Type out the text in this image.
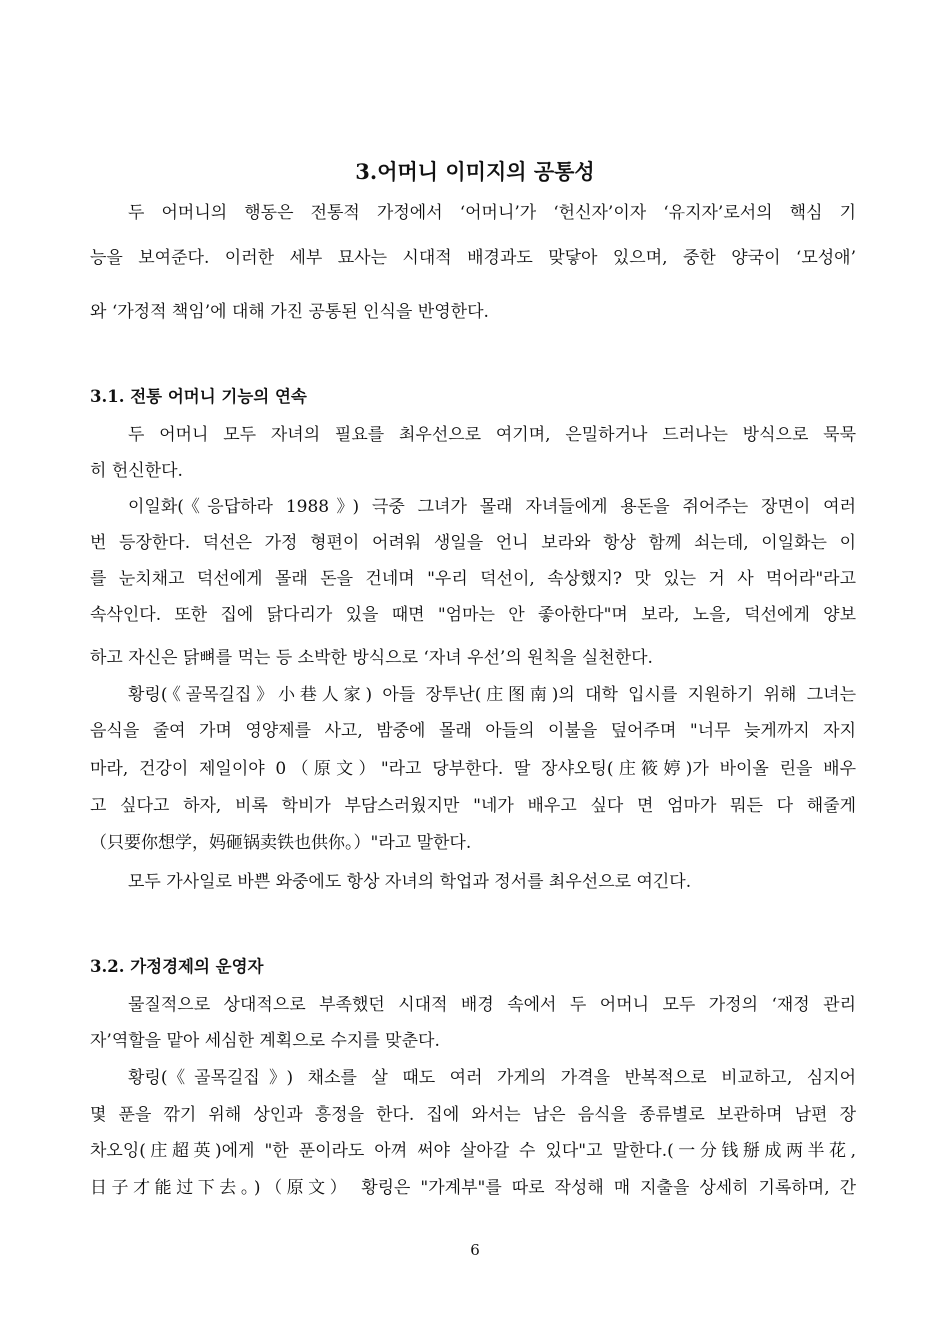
3.어머니 이미지의 공통성

두 어머니의 행동은 전통적 가정에서 ‘어머니’가 ‘헌신자’이자 ‘유지자’로서의 핵심 기

능을 보여준다. 이러한 세부 묘사는 시대적 배경과도 맞닿아 있으며, 중한 양국이 ‘모성애’

와 ‘가정적 책임’에 대해 가진 공통된 인식을 반영한다.

3.1. 전통 어머니 기능의 연속

두 어머니 모두 자녀의 필요를 최우선으로 여기며, 은밀하거나 드러나는 방식으로 묵묵

히 헌신한다.

이일화(《응답하라 1988》) 극중 그녀가 몰래 자녀들에게 용돈을 쥐어주는 장면이 여러

번 등장한다. 덕선은 가정 형편이 어려워 생일을 언니 보라와 항상 함께 쇠는데, 이일화는 이

를 눈치채고 덕선에게 몰래 돈을 건네며 "우리 덕선이, 속상했지? 맛 있는 거 사 먹어라"라고

속삭인다. 또한 집에 닭다리가 있을 때면 "엄마는 안 좋아한다"며 보라, 노을, 덕선에게 양보

하고 자신은 닭뼈를 먹는 등 소박한 방식으로 ‘자녀 우선’의 원칙을 실천한다.

황링(《골목길집》小巷人家) 아들 장투난(庄图南)의 대학 입시를 지원하기 위해 그녀는

음식을 줄여 가며 영양제를 사고, 밤중에 몰래 아들의 이불을 덮어주며 "너무 늦게까지 자지

마라, 건강이 제일이야 0（原文）"라고 당부한다. 딸 장샤오팅(庄筱婷)가 바이올 린을 배우

고 싶다고 하자, 비록 학비가 부담스러웠지만 "네가 배우고 싶다 면 엄마가 뭐든 다 해줄게

（只要你想学，妈砸锅卖铁也供你。）"라고 말한다.

모두 가사일로 바쁜 와중에도 항상 자녀의 학업과 정서를 최우선으로 여긴다.

3.2. 가정경제의 운영자

물질적으로 상대적으로 부족했던 시대적 배경 속에서 두 어머니 모두 가정의 ‘재정 관리

자’역할을 맡아 세심한 계획으로 수지를 맞춘다.

황링(《골목길집》) 채소를 살 때도 여러 가게의 가격을 반복적으로 비교하고, 심지어

몇 푼을 깎기 위해 상인과 흥정을 한다. 집에 와서는 남은 음식을 종류별로 보관하며 남편 장

차오잉(庄超英)에게 "한 푼이라도 아껴 써야 살아갈 수 있다"고 말한다.(一分钱掰成两半花,

日子才能过下去。)（原文） 황링은 "가계부"를 따로 작성해 매 지출을 상세히 기록하며, 간

6
